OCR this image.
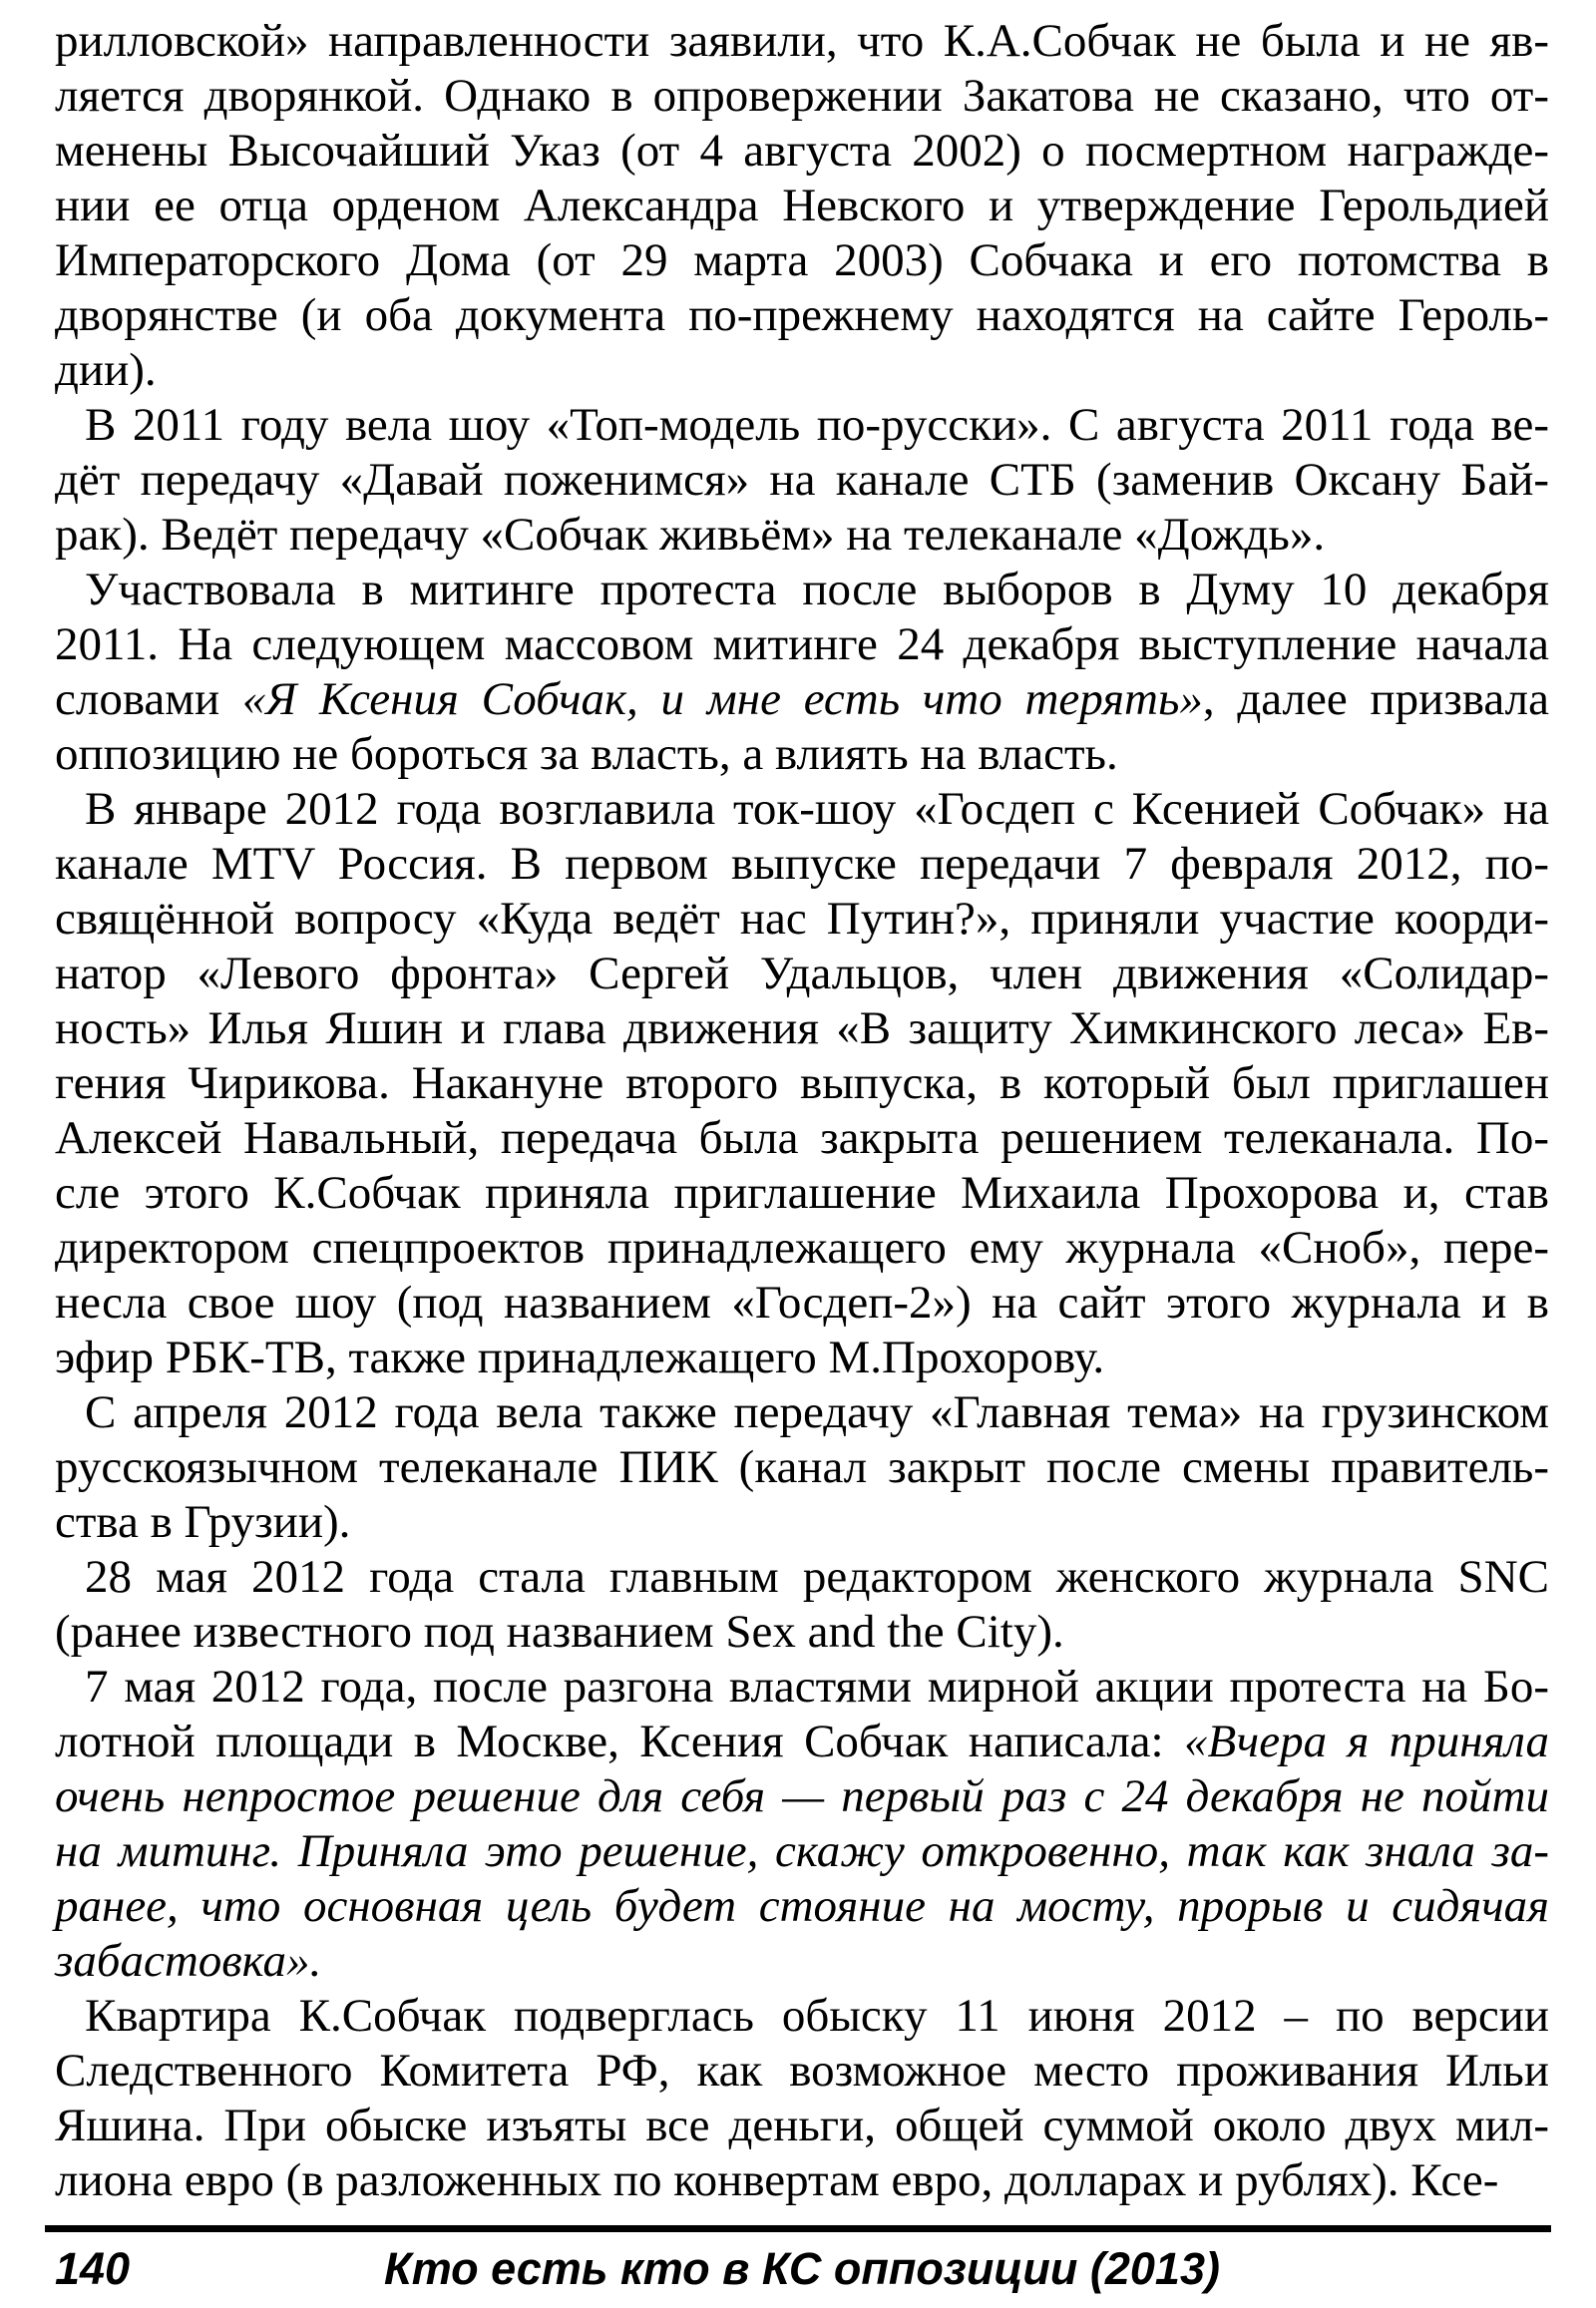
рилловской» направленности заявили, что К.А.Собчак не была и не яв-
ляется дворянкой. Однако в опровержении Закатова не сказано, что от-
менены Высочайший Указ (от 4 августа 2002) о посмертном награжде-
нии ее отца орденом Александра Невского и утверждение Герольдией
Императорского Дома (от 29 марта 2003) Собчака и его потомства в
дворянстве (и оба документа по-прежнему находятся на сайте Героль-
дии).
В 2011 году вела шоу «Топ-модель по-русски». С августа 2011 года ве-
дёт передачу «Давай поженимся» на канале СТБ (заменив Оксану Бай-
рак). Ведёт передачу «Собчак живьём» на телеканале «Дождь».
Участвовала в митинге протеста после выборов в Думу 10 декабря
2011. На следующем массовом митинге 24 декабря выступление начала
словами «Я Ксения Собчак, и мне есть что терять», далее призвала
оппозицию не бороться за власть, а влиять на власть.
В январе 2012 года возглавила ток-шоу «Госдеп с Ксенией Собчак» на
канале MTV Россия. В первом выпуске передачи 7 февраля 2012, по-
свящённой вопросу «Куда ведёт нас Путин?», приняли участие коорди-
натор «Левого фронта» Сергей Удальцов, член движения «Солидар-
ность» Илья Яшин и глава движения «В защиту Химкинского леса» Ев-
гения Чирикова. Накануне второго выпуска, в который был приглашен
Алексей Навальный, передача была закрыта решением телеканала. По-
сле этого К.Собчак приняла приглашение Михаила Прохорова и, став
директором спецпроектов принадлежащего ему журнала «Сноб», пере-
несла свое шоу (под названием «Госдеп-2») на сайт этого журнала и в
эфир РБК-ТВ, также принадлежащего М.Прохорову.
С апреля 2012 года вела также передачу «Главная тема» на грузинском
русскоязычном телеканале ПИК (канал закрыт после смены правитель-
ства в Грузии).
28 мая 2012 года стала главным редактором женского журнала SNC
(ранее известного под названием Sex and the City).
7 мая 2012 года, после разгона властями мирной акции протеста на Бо-
лотной площади в Москве, Ксения Собчак написала: «Вчера я приняла
очень непростое решение для себя — первый раз с 24 декабря не пойти
на митинг. Приняла это решение, скажу откровенно, так как знала за-
ранее, что основная цель будет стояние на мосту, прорыв и сидячая
забастовка».
Квартира К.Собчак подверглась обыску 11 июня 2012 – по версии
Следственного Комитета РФ, как возможное место проживания Ильи
Яшина. При обыске изъяты все деньги, общей суммой около двух мил-
лиона евро (в разложенных по конвертам евро, долларах и рублях). Ксе-
140	Кто есть кто в КС оппозиции (2013)
